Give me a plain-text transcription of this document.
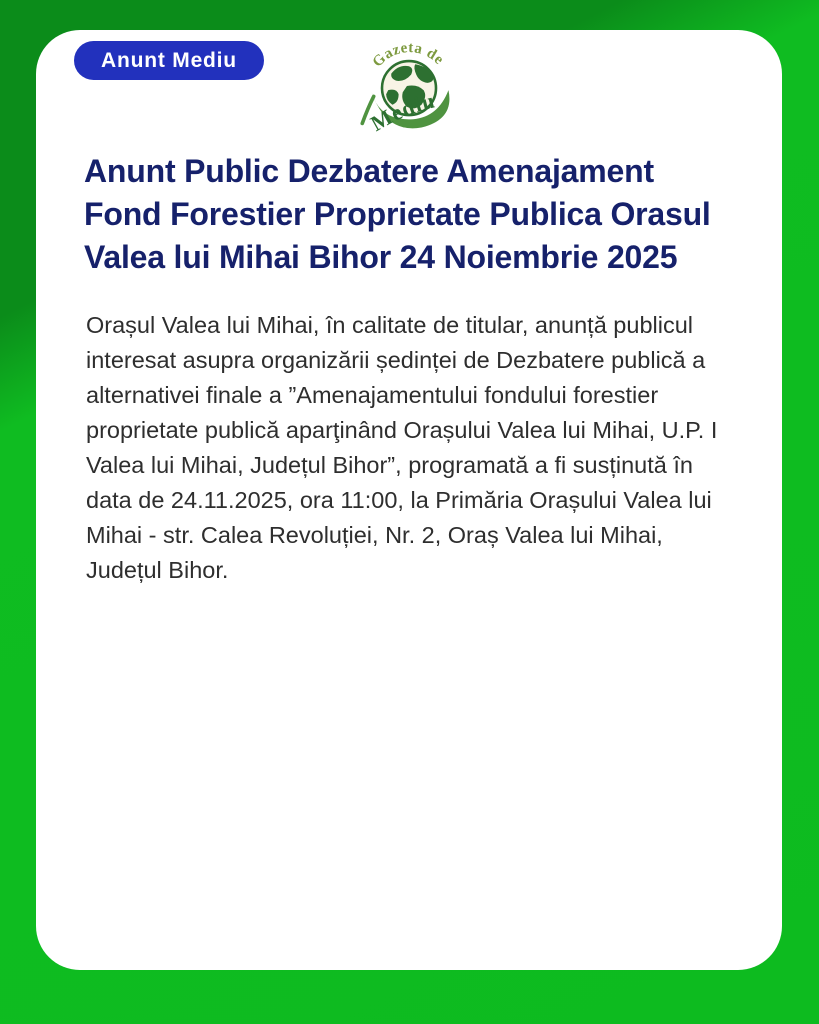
Anunt Mediu	Gazeta de
Mediu
Anunt Public Dezbatere Amenajament
Fond Forestier Proprietate Publica Orasul
Valea lui Mihai Bihor 24 Noiembrie 2025

Orașul Valea lui Mihai, în calitate de titular, anunță publicul interesat asupra organizării ședinței de Dezbatere publică a alternativei finale a ”Amenajamentului fondului forestier proprietate publică aparţinând Orașului Valea lui Mihai, U.P. I Valea lui Mihai, Județul Bihor”, programată a fi susținută în data de 24.11.2025, ora 11:00, la Primăria Orașului Valea lui Mihai - str. Calea Revoluției, Nr. 2, Oraș Valea lui Mihai, Județul Bihor.
